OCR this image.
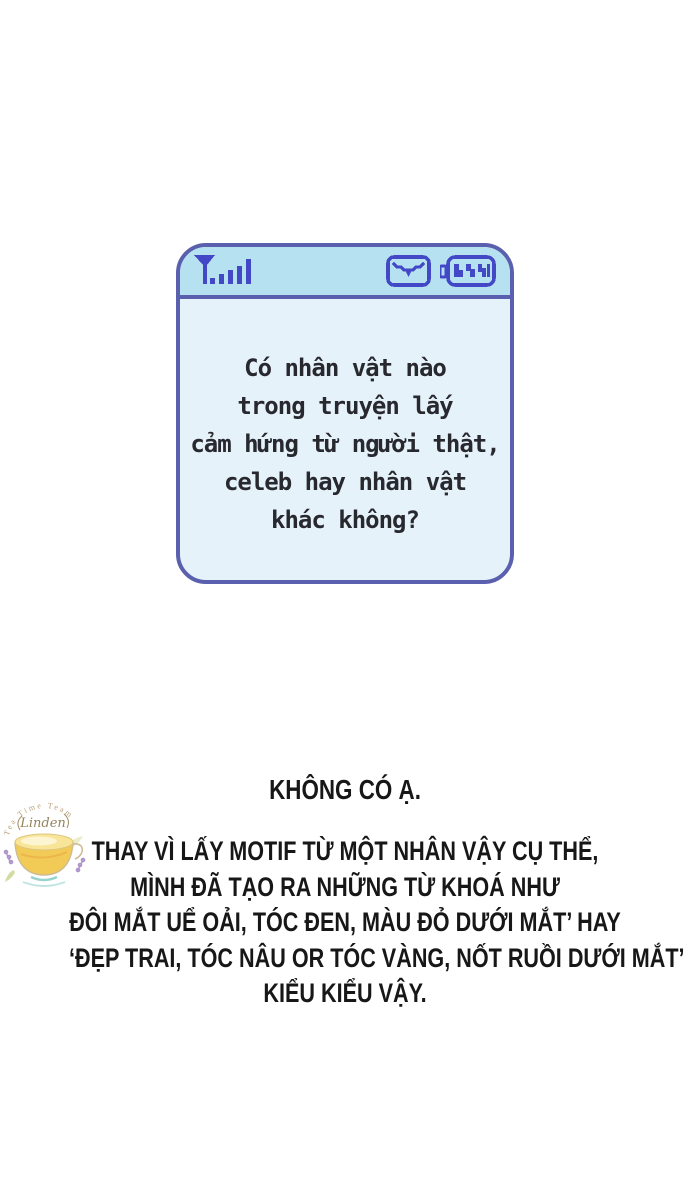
Có nhân vật nào
trong truyện lấy
cảm hứng từ người thật,
celeb hay nhân vật
khác không?
Tea Time Team
Linden
KHÔNG CÓ Ạ.
THAY VÌ LẤY MOTIF TỪ MỘT NHÂN VẬY CỤ THỂ,
MÌNH ĐÃ TẠO RA NHỮNG TỪ KHOÁ NHƯ
ĐÔI MẮT UỂ OẢI, TÓC ĐEN, MÀU ĐỎ DƯỚI MẮT’ HAY
‘ĐẸP TRAI, TÓC NÂU OR TÓC VÀNG, NỐT RUỒI DƯỚI MẮT’
KIỂU KIỂU VẬY.
